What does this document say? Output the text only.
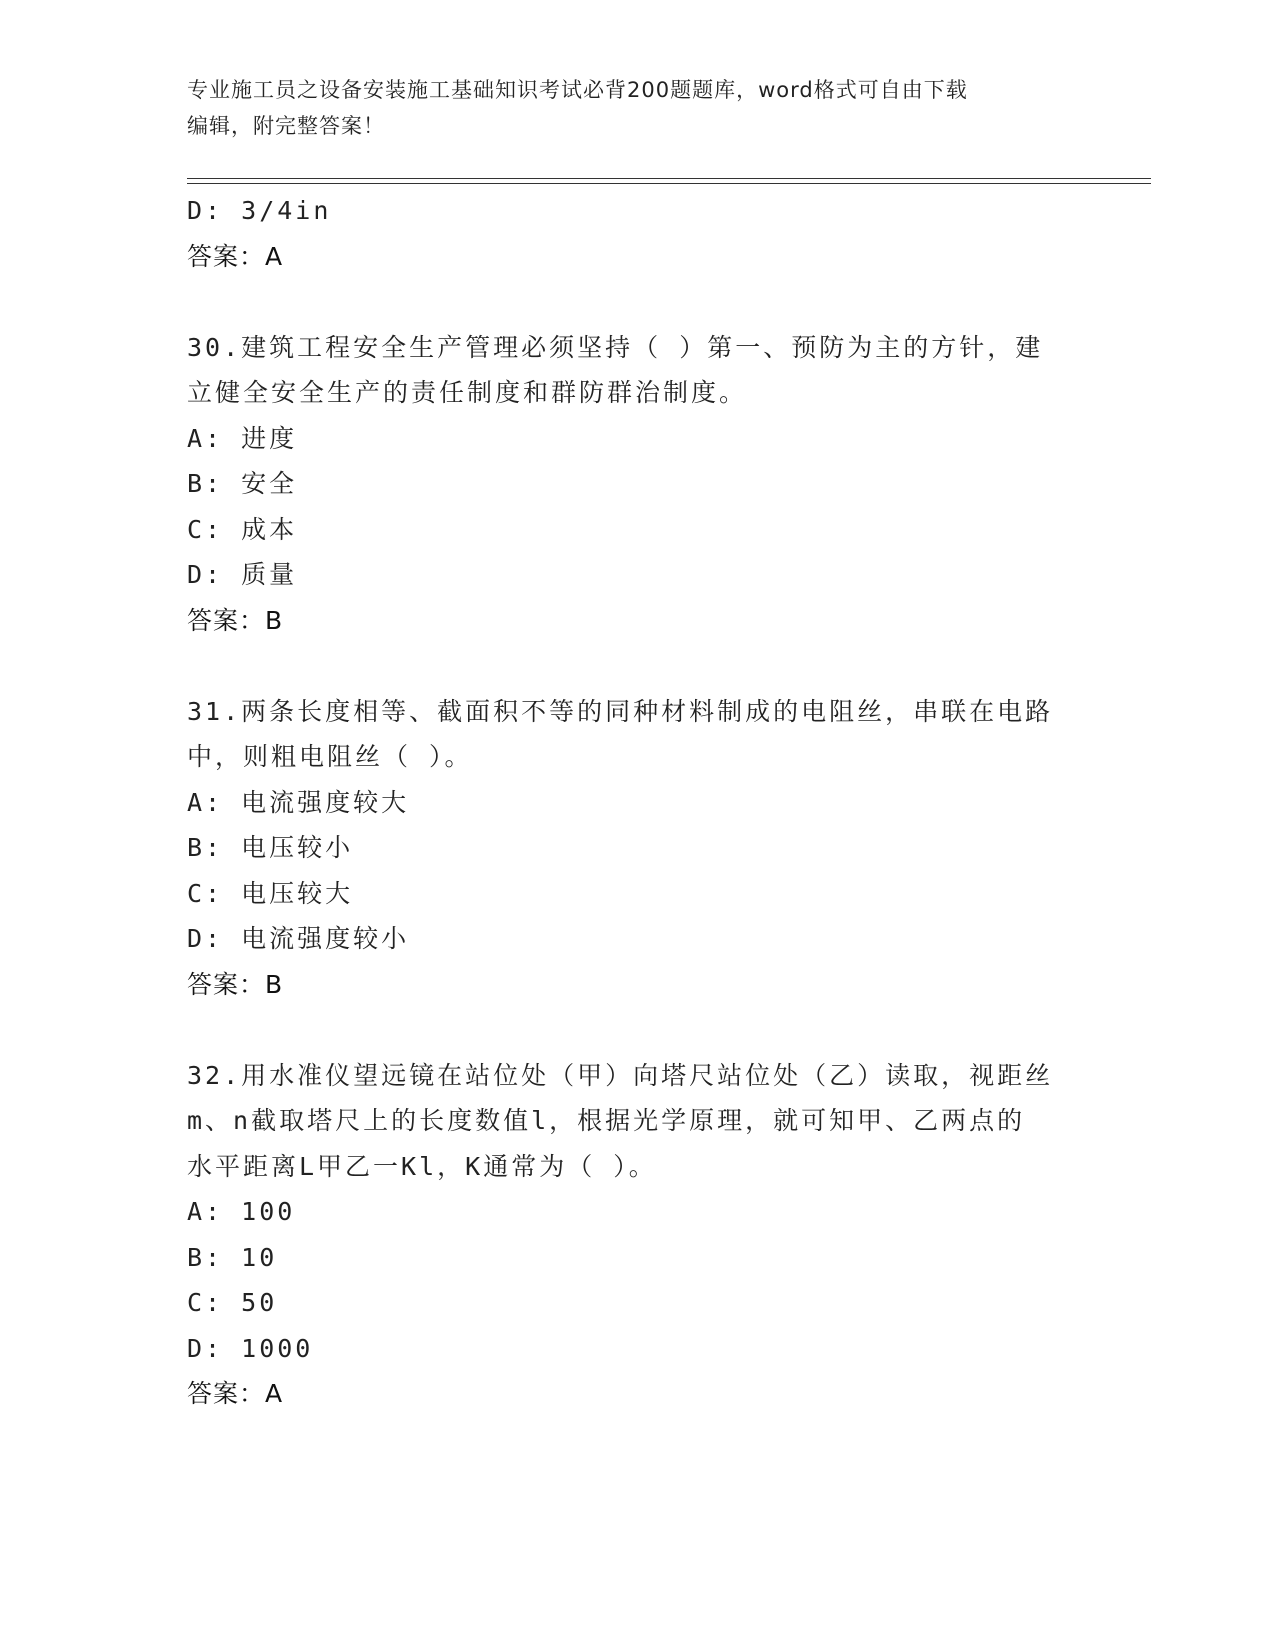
专业施工员之设备安装施工基础知识考试必背200题题库，word格式可自由下载
编辑，附完整答案！
D: 3/4in
答案：A
30.建筑工程安全生产管理必须坚持（ ）第一、预防为主的方针，建
立健全安全生产的责任制度和群防群治制度。
A: 进度
B: 安全
C: 成本
D: 质量
答案：B
31.两条长度相等、截面积不等的同种材料制成的电阻丝，串联在电路
中，则粗电阻丝（ ）。
A: 电流强度较大
B: 电压较小
C: 电压较大
D: 电流强度较小
答案：B
32.用水准仪望远镜在站位处（甲）向塔尺站位处（乙）读取，视距丝
m、n截取塔尺上的长度数值l，根据光学原理，就可知甲、乙两点的
水平距离L甲乙一Kl，K通常为（ ）。
A: 100
B: 10
C: 50
D: 1000
答案：A
